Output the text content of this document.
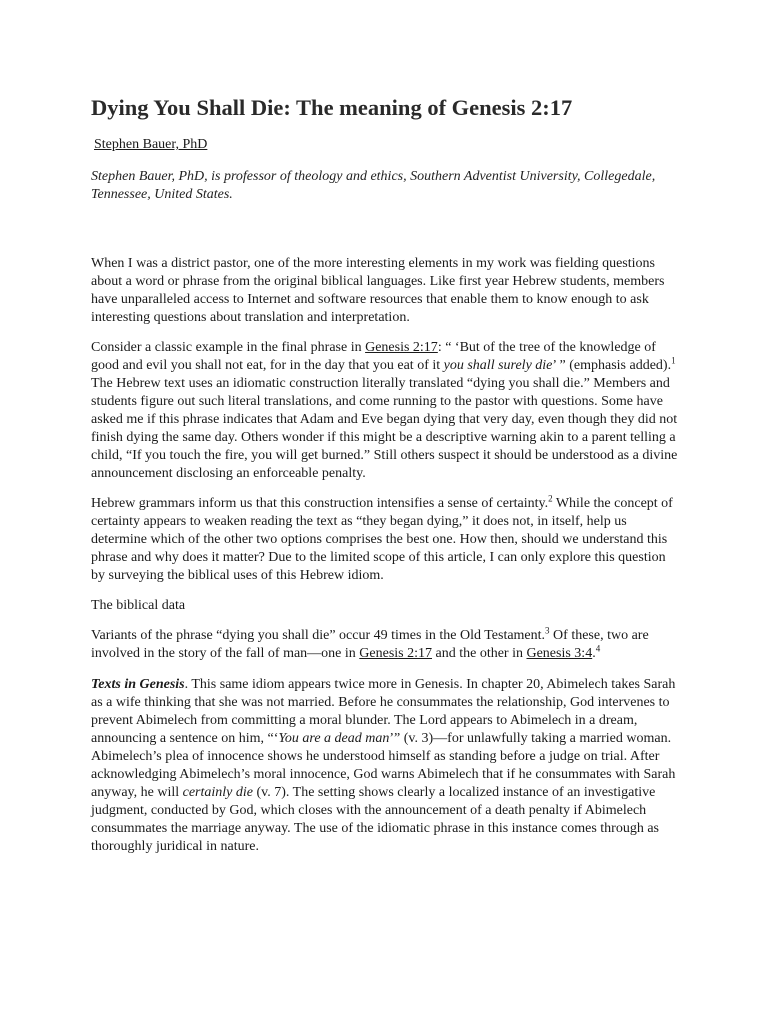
Dying You Shall Die: The meaning of Genesis 2:17
Stephen Bauer, PhD
Stephen Bauer, PhD, is professor of theology and ethics, Southern Adventist University, Collegedale, Tennessee, United States.

When I was a district pastor, one of the more interesting elements in my work was fielding questions about a word or phrase from the original biblical languages. Like first year Hebrew students, members have unparalleled access to Internet and software resources that enable them to know enough to ask interesting questions about translation and interpretation.

Consider a classic example in the final phrase in Genesis 2:17: “ ‘But of the tree of the knowledge of good and evil you shall not eat, for in the day that you eat of it you shall surely die’ ” (emphasis added).$^1$ The Hebrew text uses an idiomatic construction literally translated “dying you shall die.” Members and students figure out such literal translations, and come running to the pastor with questions. Some have asked me if this phrase indicates that Adam and Eve began dying that very day, even though they did not finish dying the same day. Others wonder if this might be a descriptive warning akin to a parent telling a child, “If you touch the fire, you will get burned.” Still others suspect it should be understood as a divine announcement disclosing an enforceable penalty.

Hebrew grammars inform us that this construction intensifies a sense of certainty.$^2$ While the concept of certainty appears to weaken reading the text as “they began dying,” it does not, in itself, help us determine which of the other two options comprises the best one. How then, should we understand this phrase and why does it matter? Due to the limited scope of this article, I can only explore this question by surveying the biblical uses of this Hebrew idiom.

The biblical data

Variants of the phrase “dying you shall die” occur 49 times in the Old Testament.$^3$ Of these, two are involved in the story of the fall of man—one in Genesis 2:17 and the other in Genesis 3:4.$^4$

Texts in Genesis. This same idiom appears twice more in Genesis. In chapter 20, Abimelech takes Sarah as a wife thinking that she was not married. Before he consummates the relationship, God intervenes to prevent Abimelech from committing a moral blunder. The Lord appears to Abimelech in a dream, announcing a sentence on him, “‘You are a dead man’” (v. 3)—for unlawfully taking a married woman. Abimelech’s plea of innocence shows he understood himself as standing before a judge on trial. After acknowledging Abimelech’s moral innocence, God warns Abimelech that if he consummates with Sarah anyway, he will certainly die (v. 7). The setting shows clearly a localized instance of an investigative judgment, conducted by God, which closes with the announcement of a death penalty if Abimelech consummates the marriage anyway. The use of the idiomatic phrase in this instance comes through as thoroughly juridical in nature.
